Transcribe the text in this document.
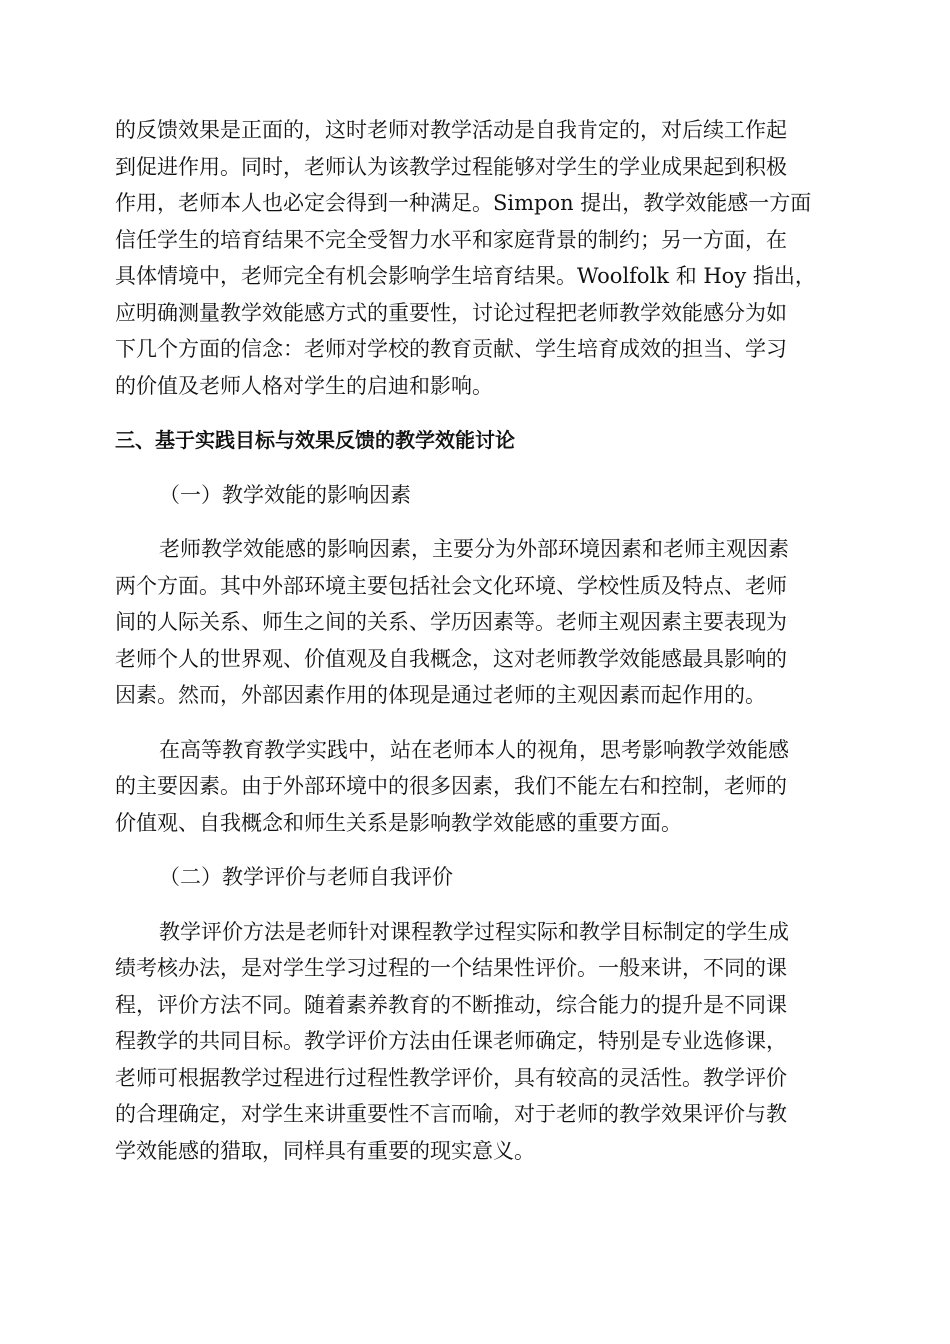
的反馈效果是正面的，这时老师对教学活动是自我肯定的，对后续工作起
到促进作用。同时，老师认为该教学过程能够对学生的学业成果起到积极
作用，老师本人也必定会得到一种满足。Simpon 提出，教学效能感一方面
信任学生的培育结果不完全受智力水平和家庭背景的制约；另一方面，在
具体情境中，老师完全有机会影响学生培育结果。Woolfolk 和 Hoy 指出，
应明确测量教学效能感方式的重要性，讨论过程把老师教学效能感分为如
下几个方面的信念：老师对学校的教育贡献、学生培育成效的担当、学习
的价值及老师人格对学生的启迪和影响。
三、基于实践目标与效果反馈的教学效能讨论
（一）教学效能的影响因素
老师教学效能感的影响因素，主要分为外部环境因素和老师主观因素
两个方面。其中外部环境主要包括社会文化环境、学校性质及特点、老师
间的人际关系、师生之间的关系、学历因素等。老师主观因素主要表现为
老师个人的世界观、价值观及自我概念，这对老师教学效能感最具影响的
因素。然而，外部因素作用的体现是通过老师的主观因素而起作用的。
在高等教育教学实践中，站在老师本人的视角，思考影响教学效能感
的主要因素。由于外部环境中的很多因素，我们不能左右和控制，老师的
价值观、自我概念和师生关系是影响教学效能感的重要方面。
（二）教学评价与老师自我评价
教学评价方法是老师针对课程教学过程实际和教学目标制定的学生成
绩考核办法，是对学生学习过程的一个结果性评价。一般来讲，不同的课
程，评价方法不同。随着素养教育的不断推动，综合能力的提升是不同课
程教学的共同目标。教学评价方法由任课老师确定，特别是专业选修课，
老师可根据教学过程进行过程性教学评价，具有较高的灵活性。教学评价
的合理确定，对学生来讲重要性不言而喻，对于老师的教学效果评价与教
学效能感的猎取，同样具有重要的现实意义。
